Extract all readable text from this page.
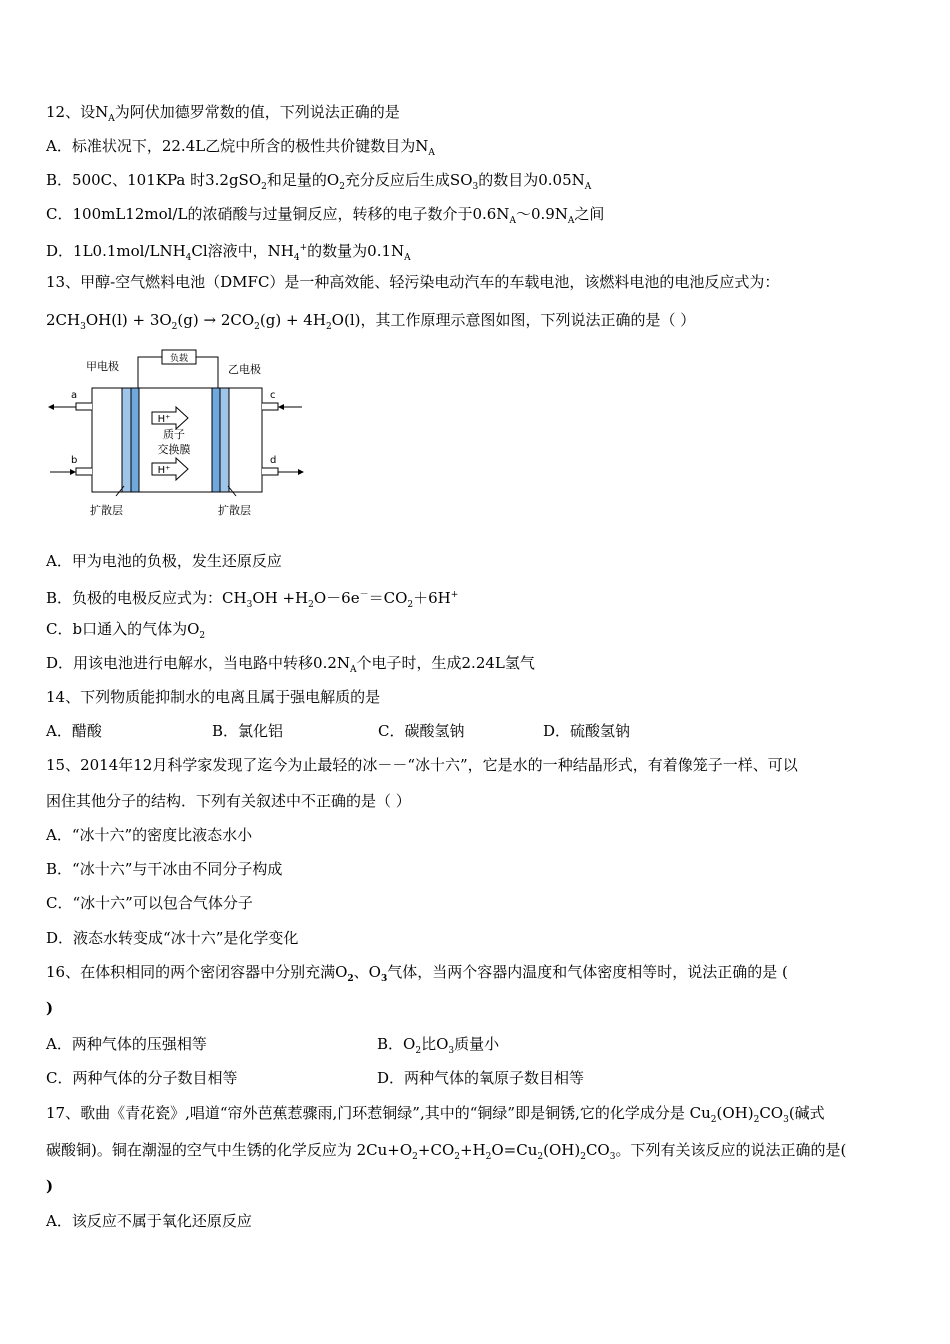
12、设$N_A$为阿伏加德罗常数的值，下列说法正确的是
A．标准状况下，22.4L乙烷中所含的极性共价键数目为$N_A$
B．500C、101KPa 时3.2gSO$_2$和足量的$O_2$充分反应后生成$SO_3$的数目为$0.05N_A$
C．100mL12mol/L的浓硝酸与过量铜反应，转移的电子数介于$0.6N_A\sim 0.9N_A$之间
D．$1L0.1mol/LNH_4Cl$溶液中，$NH_4^+$的数量为$0.1N_A$
13、甲醇-空气燃料电池（DMFC）是一种高效能、轻污染电动汽车的车载电池，该燃料电池的电池反应式为：
$2CH_3OH(l) + 3O_2(g) \to 2CO_2(g) + 4H_2O(l)$，其工作原理示意图如图，下列说法正确的是（ ）
负载
甲电极	乙电极
a
b
c
d
H⁺
质子
交换膜
H⁺
扩散层	扩散层
A．甲为电池的负极，发生还原反应
B．负极的电极反应式为：$CH_3OH +H_2O-6e^-=CO_2+6H^+$
C．b口通入的气体为$O_2$
D．用该电池进行电解水，当电路中转移$0.2N_A$个电子时，生成2.24L氢气
14、下列物质能抑制水的电离且属于强电解质的是
A．醋酸	B．氯化铝	C．碳酸氢钠	D．硫酸氢钠
15、2014年12月科学家发现了迄今为止最轻的冰－－“冰十六”，它是水的一种结晶形式，有着像笼子一样、可以
困住其他分子的结构．下列有关叙述中不正确的是（ ）
A．“冰十六”的密度比液态水小
B．“冰十六”与干冰由不同分子构成
C．“冰十六”可以包合气体分子
D．液态水转变成“冰十六”是化学变化
16、在体积相同的两个密闭容器中分别充满$O_2$、$O_3$气体，当两个容器内温度和气体密度相等时，说法正确的是 (
)
A．两种气体的压强相等	B．$O_2$比$O_3$质量小
C．两种气体的分子数目相等	D．两种气体的氧原子数目相等
17、歌曲《青花瓷》,唱道“帘外芭蕉惹骤雨,门环惹铜绿”,其中的“铜绿”即是铜锈,它的化学成分是 $Cu_2(OH)_2CO_3$(碱式
碳酸铜)。铜在潮湿的空气中生锈的化学反应为 $2Cu+O_2+CO_2+H_2O=Cu_2(OH)_2CO_3$。下列有关该反应的说法正确的是(
)
A．该反应不属于氧化还原反应
